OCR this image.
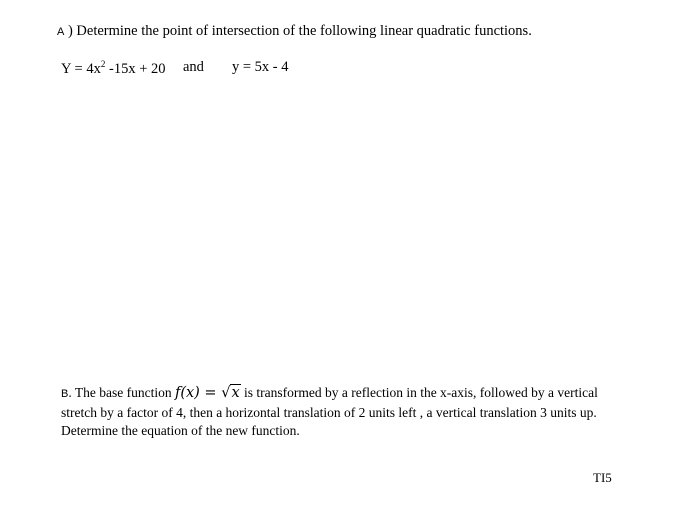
A ) Determine the point of intersection of the following linear quadratic functions.
$Y = 4x^2$ -15x + 20 and y = 5x - 4
B. The base function f(x) = √x is transformed by a reflection in the x-axis, followed by a vertical
stretch by a factor of 4, then a horizontal translation of 2 units left , a vertical translation 3 units up.
Determine the equation of the new function.
TI5
